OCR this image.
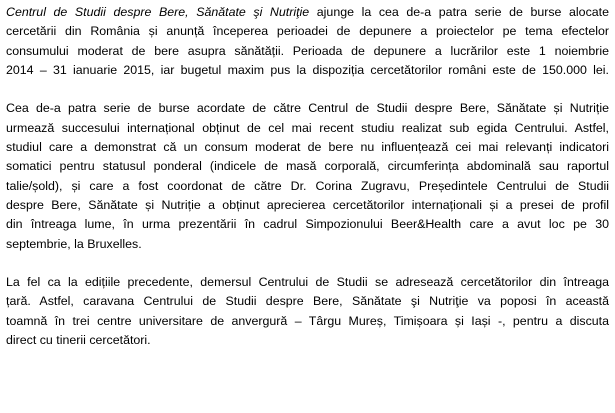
Centrul de Studii despre Bere, Sănătate şi Nutriţie ajunge la cea de-a patra serie de burse alocate
cercetării din România și anunță începerea perioadei de depunere a proiectelor pe tema efectelor
consumului moderat de bere asupra sănătății. Perioada de depunere a lucrărilor este 1 noiembrie
2014 – 31 ianuarie 2015, iar bugetul maxim pus la dispoziția cercetătorilor români este de 150.000 lei.
Cea de-a patra serie de burse acordate de către Centrul de Studii despre Bere, Sănătate și Nutriție
urmează succesului internațional obținut de cel mai recent studiu realizat sub egida Centrului. Astfel,
studiul care a demonstrat că un consum moderat de bere nu influențează cei mai relevanți indicatori
somatici pentru statusul ponderal (indicele de masă corporală, circumferința abdominală sau raportul
talie/șold), și care a fost coordonat de către Dr. Corina Zugravu, Președintele Centrului de Studii
despre Bere, Sănătate și Nutriție a obținut aprecierea cercetătorilor internaționali și a presei de profil
din întreaga lume, în urma prezentării în cadrul Simpozionului Beer&Health care a avut loc pe 30
septembrie, la Bruxelles.
La fel ca la edițiile precedente, demersul Centrului de Studii se adresează cercetătorilor din întreaga
țară. Astfel, caravana Centrului de Studii despre Bere, Sănătate şi Nutriţie va poposi în această
toamnă în trei centre universitare de anvergură – Târgu Mureș, Timișoara și Iași -, pentru a discuta
direct cu tinerii cercetători.
